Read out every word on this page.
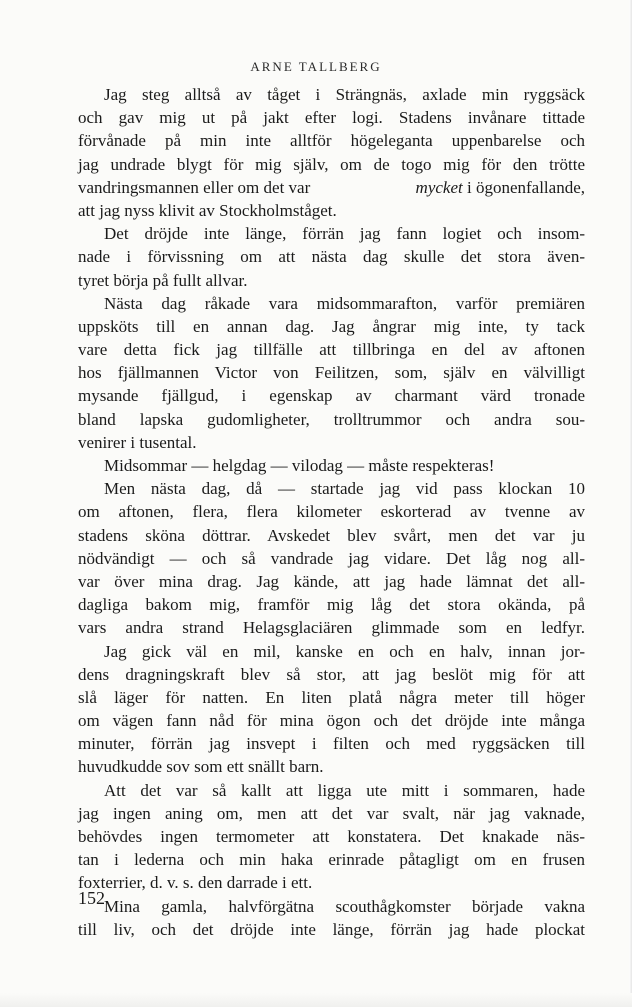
ARNE TALLBERG

Jag steg alltså av tåget i Strängnäs, axlade min ryggsäck
och gav mig ut på jakt efter logi. Stadens invånare tittade
förvånade på min inte alltför högeleganta uppenbarelse och
jag undrade blygt för mig själv, om de togo mig för den trötte
vandringsmannen eller om det var	mycket i ögonenfallande,
att jag nyss klivit av Stockholmståget.

Det dröjde inte länge, förrän jag fann logiet och insom-
nade i förvissning om att nästa dag skulle det stora även-
tyret börja på fullt allvar.

Nästa dag råkade vara midsommarafton, varför premiären
uppsköts till en annan dag. Jag ångrar mig inte, ty tack
vare detta fick jag tillfälle att tillbringa en del av aftonen
hos fjällmannen Victor von Feilitzen, som, själv en välvilligt
mysande fjällgud, i egenskap av charmant värd tronade
bland lapska gudomligheter, trolltrummor och andra sou-
venirer i tusental.

Midsommar — helgdag — vilodag — måste respekteras!

Men nästa dag, då — startade jag vid pass klockan 10
om aftonen, flera, flera kilometer eskorterad av tvenne av
stadens sköna döttrar. Avskedet blev svårt, men det var ju
nödvändigt — och så vandrade jag vidare. Det låg nog all-
var över mina drag. Jag kände, att jag hade lämnat det all-
dagliga bakom mig, framför mig låg det stora okända, på
vars andra strand Helagsglaciären glimmade som en ledfyr.

Jag gick väl en mil, kanske en och en halv, innan jor-
dens dragningskraft blev så stor, att jag beslöt mig för att
slå läger för natten. En liten platå några meter till höger
om vägen fann nåd för mina ögon och det dröjde inte många
minuter, förrän jag insvept i filten och med ryggsäcken till
huvudkudde sov som ett snällt barn.

Att det var så kallt att ligga ute mitt i sommaren, hade
jag ingen aning om, men att det var svalt, när jag vaknade,
behövdes ingen termometer att konstatera. Det knakade näs-
tan i lederna och min haka erinrade påtagligt om en frusen
foxterrier, d. v. s. den darrade i ett.

Mina gamla, halvförgätna scouthågkomster började vakna
till liv, och det dröjde inte länge, förrän jag hade plockat

152
